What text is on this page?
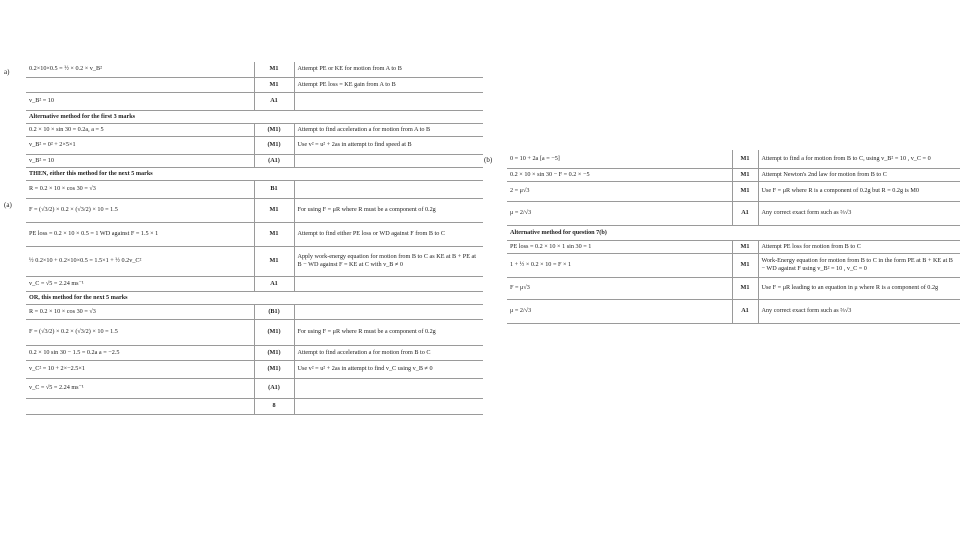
a)
(a)
(b)
0.2×10×0.5 = ½ × 0.2 × v_B²	M1	Attempt PE or KE for motion from A to B
	M1	Attempt PE loss = KE gain from A to B
v_B² = 10	A1	
Alternative method for the first 3 marks		
0.2 × 10 × sin 30 = 0.2a, a = 5	(M1)	Attempt to find acceleration a for motion from A to B
v_B² = 0² + 2×5×1	(M1)	Use v² = u² + 2as in attempt to find speed at B
v_B² = 10	(A1)	
THEN, either this method for the next 5 marks		
R = 0.2 × 10 × cos 30 = √3	B1	
F = (√3/2) × 0.2 × (√3/2) × 10 = 1.5	M1	For using F = μR where R must be a component of 0.2g
PE loss = 0.2 × 10 × 0.5 = 1 WD against F = 1.5 × 1	M1	Attempt to find either PE loss or WD against F from B to C
½ 0.2×10 + 0.2×10×0.5 = 1.5×1 + ½ 0.2v_C²	M1	Apply work-energy equation for motion from B to C as KE at B + PE at B − WD against F = KE at C with v_B ≠ 0
v_C = √5 = 2.24 ms⁻¹	A1	
OR, this method for the next 5 marks		
R = 0.2 × 10 × cos 30 = √3	(B1)	
F = (√3/2) × 0.2 × (√3/2) × 10 = 1.5	(M1)	For using F = μR where R must be a component of 0.2g
0.2 × 10 sin 30 − 1.5 = 0.2a a = −2.5	(M1)	Attempt to find acceleration a for motion from B to C
v_C² = 10 + 2×−2.5×1	(M1)	Use v² = u² + 2as in attempt to find v_C using v_B ≠ 0
v_C = √5 = 2.24 ms⁻¹	(A1)	
	8	
0 = 10 + 2a [a = −5]	M1	Attempt to find a for motion from B to C, using v_B² = 10 , v_C = 0
0.2 × 10 × sin 30 − F = 0.2 × −5	M1	Attempt Newton's 2nd law for motion from B to C
2 = μ√3	M1	Use F = μR where R is a component of 0.2g but R = 0.2g is M0
μ = 2/√3	A1	Any correct exact form such as ⅔√3
Alternative method for question 7(b)		
PE loss = 0.2 × 10 × 1 sin 30 = 1	M1	Attempt PE loss for motion from B to C
1 + ½ × 0.2 × 10 = F × 1	M1	Work-Energy equation for motion from B to C in the form PE at B + KE at B − WD against F using v_B² = 10 , v_C = 0
F = μ√3	M1	Use F = μR leading to an equation in μ where R is a component of 0.2g
μ = 2/√3	A1	Any correct exact form such as ⅔√3
